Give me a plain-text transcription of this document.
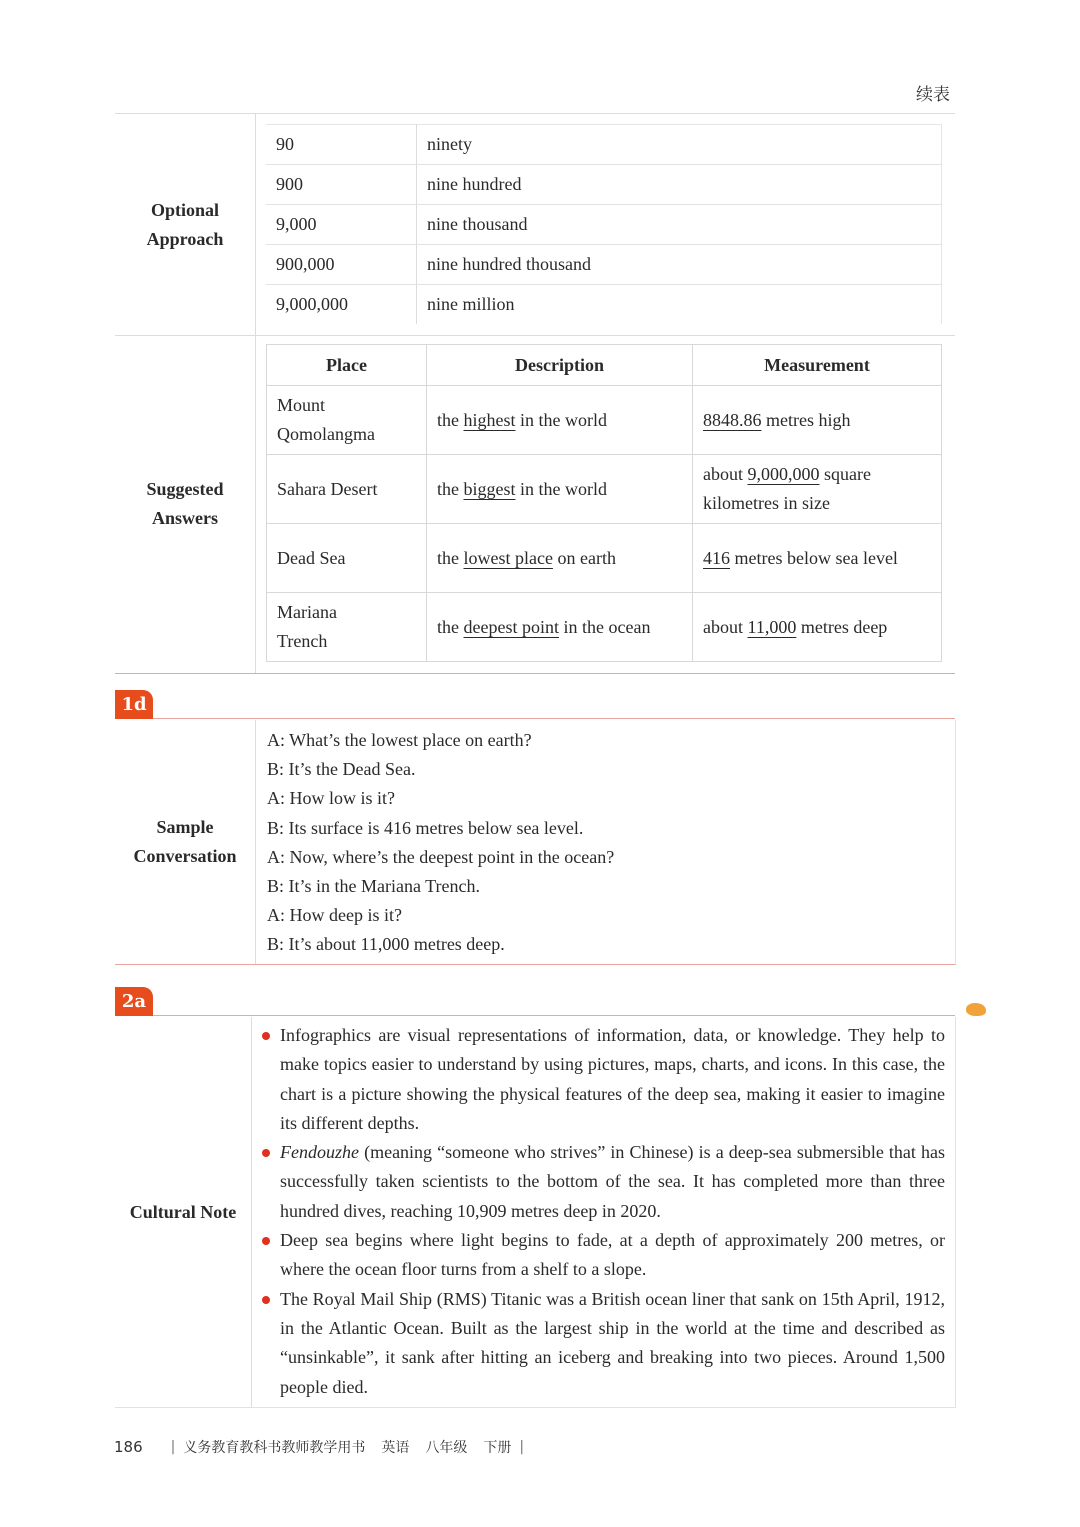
续表
Optional
Approach
90	ninety
900	nine hundred
9,000	nine thousand
900,000	nine hundred thousand
9,000,000	nine million
Suggested
Answers
Place	Description	Measurement
Mount
Qomolangma	the highest in the world	8848.86 metres high
Sahara Desert	the biggest in the world	about 9,000,000 square
kilometres in size
Dead Sea	the lowest place on earth	416 metres below sea level
Mariana
Trench	the deepest point in the ocean	about 11,000 metres deep
1d
Sample
Conversation
A: What’s the lowest place on earth?
B: It’s the Dead Sea.
A: How low is it?
B: Its surface is 416 metres below sea level.
A: Now, where’s the deepest point in the ocean?
B: It’s in the Mariana Trench.
A: How deep is it?
B: It’s about 11,000 metres deep.
2a
Cultural Note
Infographics are visual representations of information, data, or knowledge. They help to make topics easier to understand by using pictures, maps, charts, and icons. In this case, the chart is a picture showing the physical features of the deep sea, making it easier to imagine its different depths.
Fendouzhe (meaning “someone who strives” in Chinese) is a deep-sea submersible that has successfully taken scientists to the bottom of the sea. It has completed more than three hundred dives, reaching 10,909 metres deep in 2020.
Deep sea begins where light begins to fade, at a depth of approximately 200 metres, or where the ocean floor turns from a shelf to a slope.
The Royal Mail Ship (RMS) Titanic was a British ocean liner that sank on 15th April, 1912, in the Atlantic Ocean. Built as the largest ship in the world at the time and described as “unsinkable”, it sank after hitting an iceberg and breaking into two pieces. Around 1,500 people died.
186 | 义务教育教科书教师教学用书 英语 八年级 下册 |
